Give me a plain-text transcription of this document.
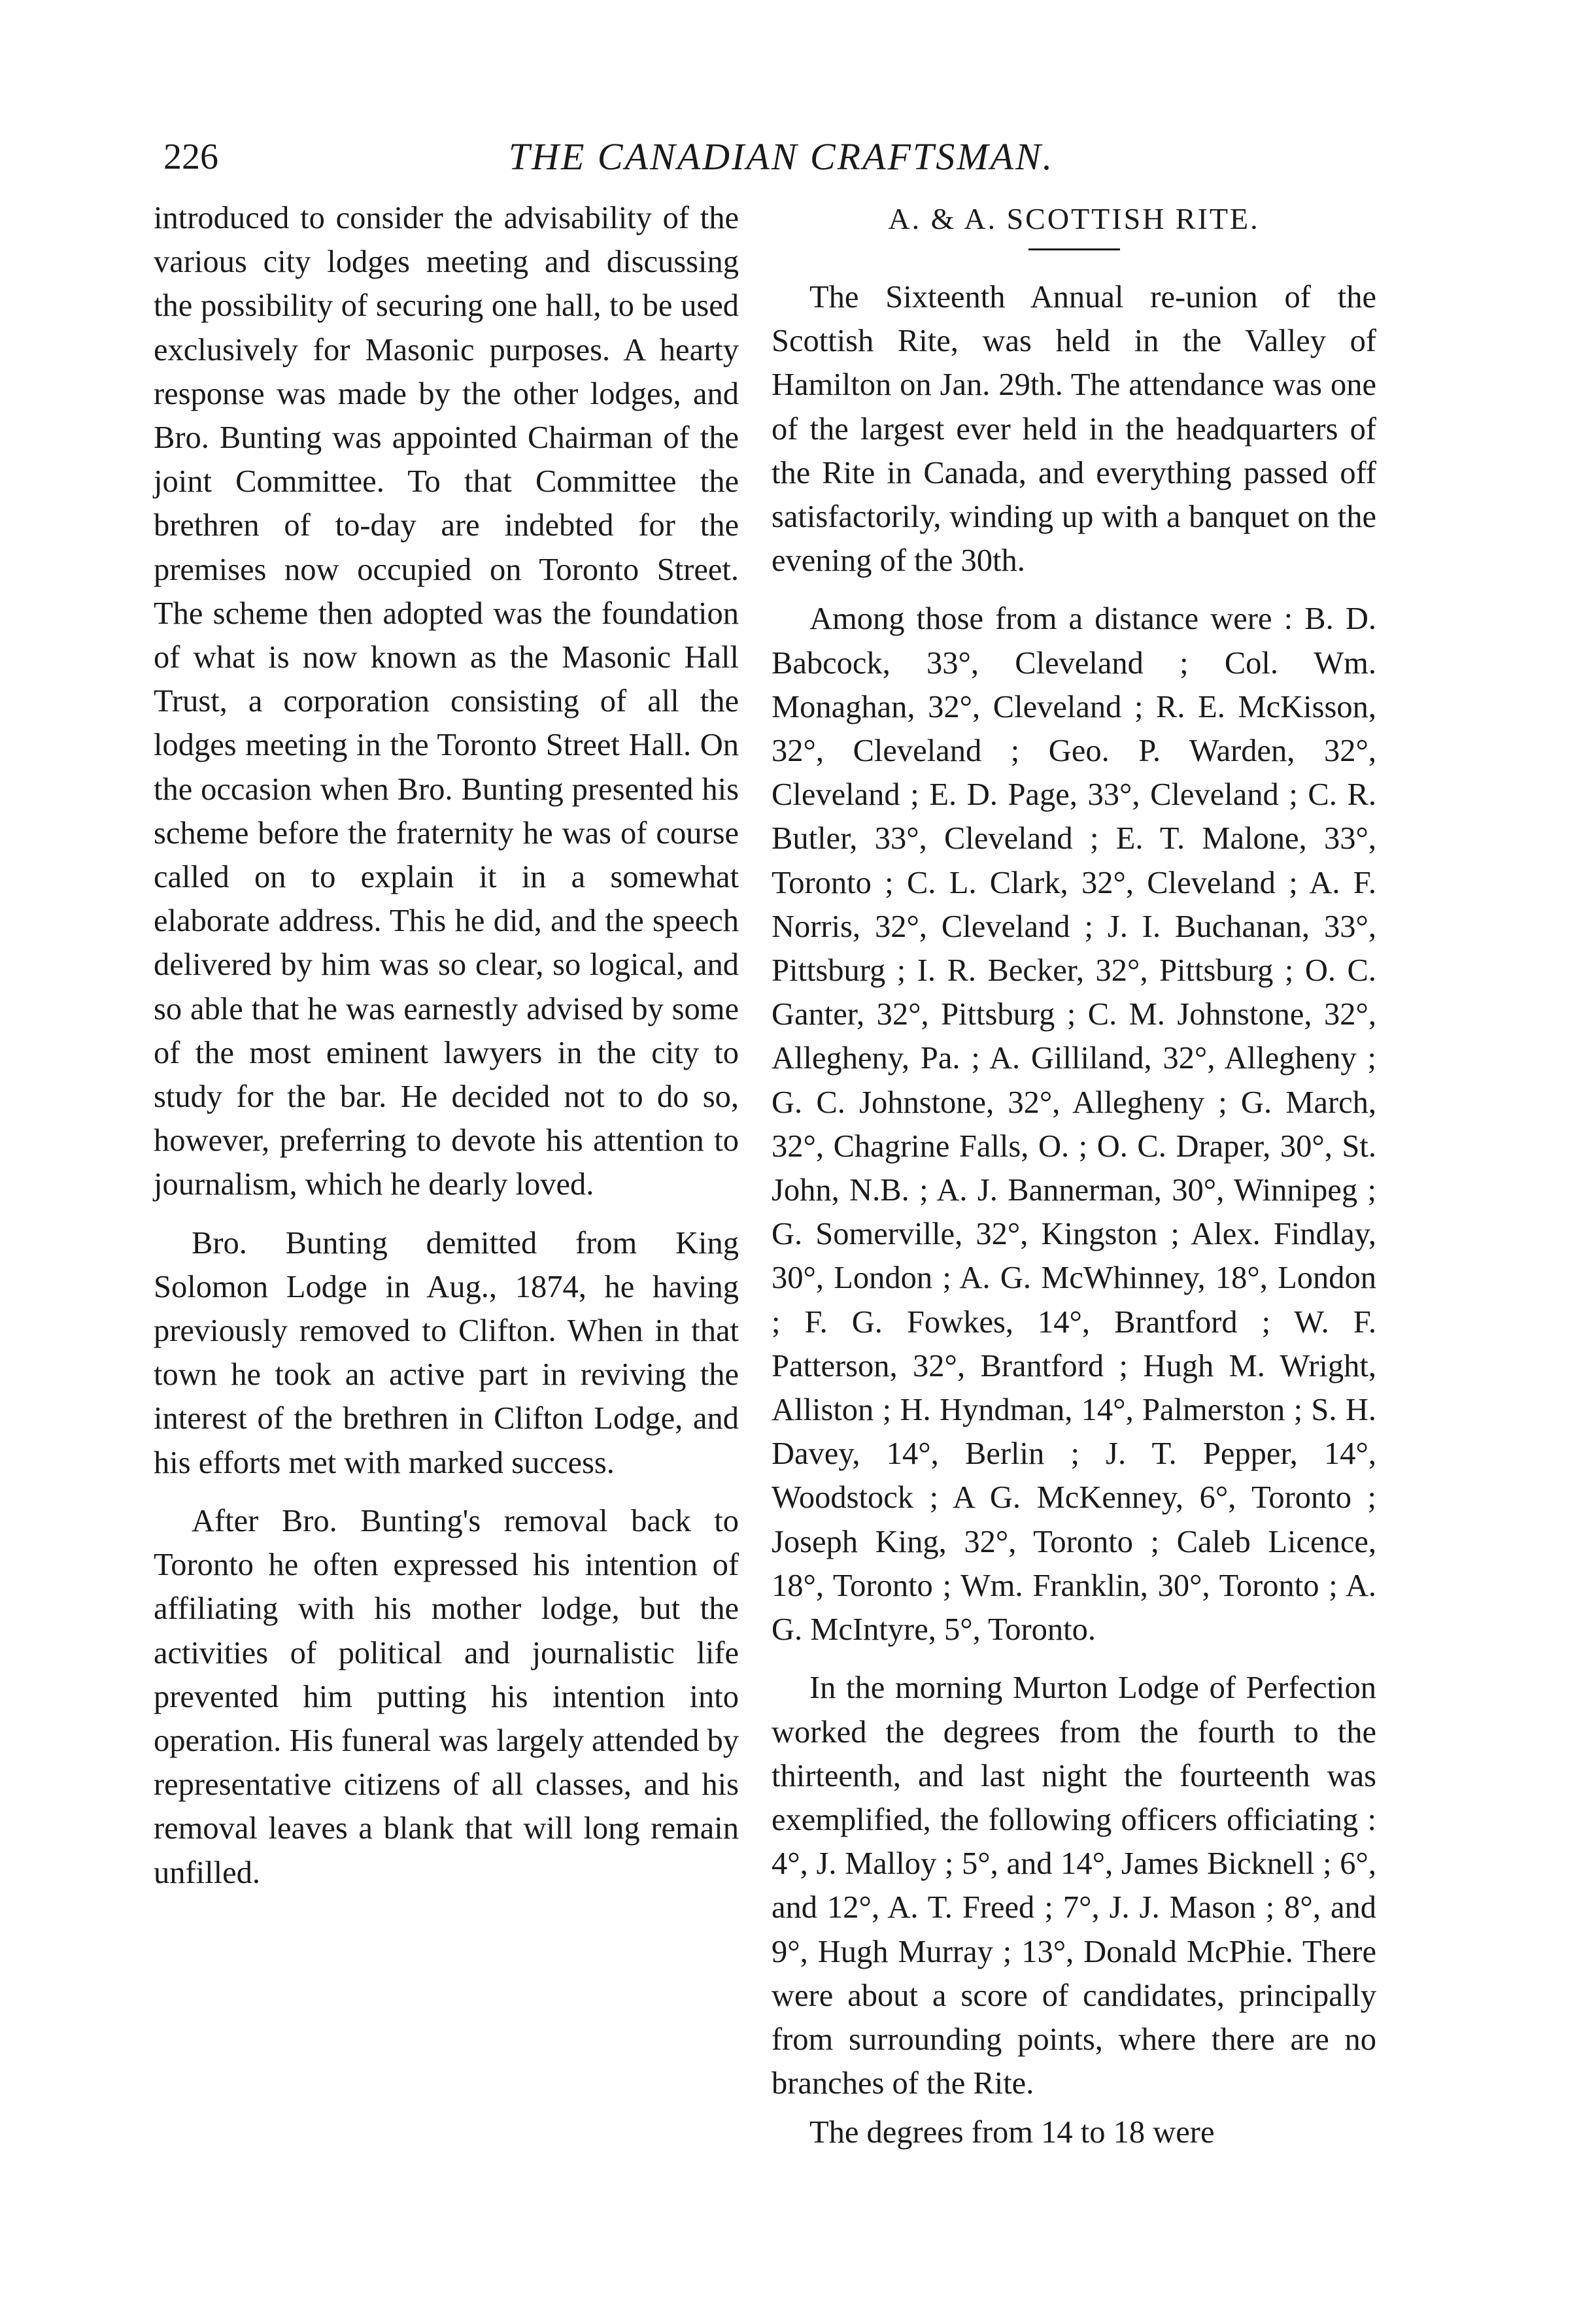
226	THE CANADIAN CRAFTSMAN.

introduced to consider the advisability of the various city lodges meeting and discussing the possibility of securing one hall, to be used exclusively for Masonic purposes. A hearty response was made by the other lodges, and Bro. Bunting was appointed Chairman of the joint Committee. To that Committee the brethren of to-day are indebted for the premises now occupied on Toronto Street. The scheme then adopted was the foundation of what is now known as the Masonic Hall Trust, a corporation consisting of all the lodges meeting in the Toronto Street Hall. On the occasion when Bro. Bunting presented his scheme before the fraternity he was of course called on to explain it in a somewhat elaborate address. This he did, and the speech delivered by him was so clear, so logical, and so able that he was earnestly advised by some of the most eminent lawyers in the city to study for the bar. He decided not to do so, however, preferring to devote his attention to journalism, which he dearly loved.

Bro. Bunting demitted from King Solomon Lodge in Aug., 1874, he having previously removed to Clifton. When in that town he took an active part in reviving the interest of the brethren in Clifton Lodge, and his efforts met with marked success.

After Bro. Bunting's removal back to Toronto he often expressed his intention of affiliating with his mother lodge, but the activities of political and journalistic life prevented him putting his intention into operation. His funeral was largely attended by representative citizens of all classes, and his removal leaves a blank that will long remain unfilled.

A. & A. SCOTTISH RITE.

The Sixteenth Annual re-union of the Scottish Rite, was held in the Valley of Hamilton on Jan. 29th. The attendance was one of the largest ever held in the headquarters of the Rite in Canada, and everything passed off satisfactorily, winding up with a banquet on the evening of the 30th.

Among those from a distance were : B. D. Babcock, 33°, Cleveland ; Col. Wm. Monaghan, 32°, Cleveland ; R. E. McKisson, 32°, Cleveland ; Geo. P. Warden, 32°, Cleveland ; E. D. Page, 33°, Cleveland ; C. R. Butler, 33°, Cleveland ; E. T. Malone, 33°, Toronto ; C. L. Clark, 32°, Cleveland ; A. F. Norris, 32°, Cleveland ; J. I. Buchanan, 33°, Pittsburg ; I. R. Becker, 32°, Pittsburg ; O. C. Ganter, 32°, Pittsburg ; C. M. Johnstone, 32°, Allegheny, Pa. ; A. Gilliland, 32°, Allegheny ; G. C. Johnstone, 32°, Allegheny ; G. March, 32°, Chagrine Falls, O. ; O. C. Draper, 30°, St. John, N.B. ; A. J. Bannerman, 30°, Winnipeg ; G. Somerville, 32°, Kingston ; Alex. Findlay, 30°, London ; A. G. McWhinney, 18°, London ; F. G. Fowkes, 14°, Brantford ; W. F. Patterson, 32°, Brantford ; Hugh M. Wright, Alliston ; H. Hyndman, 14°, Palmerston ; S. H. Davey, 14°, Berlin ; J. T. Pepper, 14°, Woodstock ; A G. McKenney, 6°, Toronto ; Joseph King, 32°, Toronto ; Caleb Licence, 18°, Toronto ; Wm. Franklin, 30°, Toronto ; A. G. McIntyre, 5°, Toronto.

In the morning Murton Lodge of Perfection worked the degrees from the fourth to the thirteenth, and last night the fourteenth was exemplified, the following officers officiating : 4°, J. Malloy ; 5°, and 14°, James Bicknell ; 6°, and 12°, A. T. Freed ; 7°, J. J. Mason ; 8°, and 9°, Hugh Murray ; 13°, Donald McPhie. There were about a score of candidates, principally from surrounding points, where there are no branches of the Rite.

The degrees from 14 to 18 were
